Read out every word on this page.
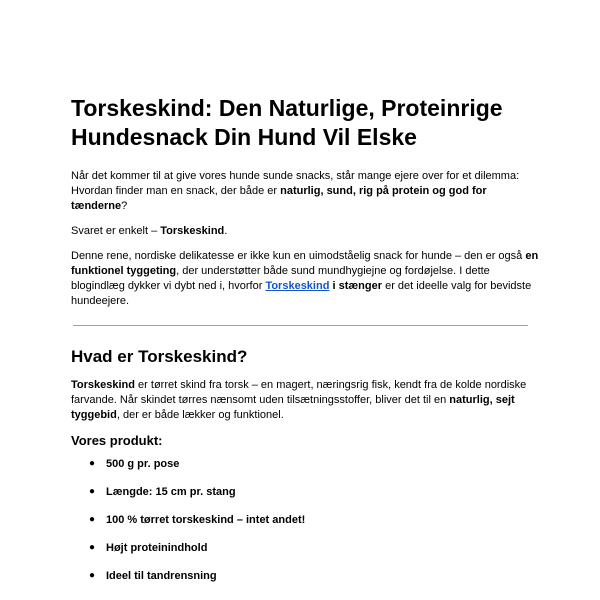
Torskeskind: Den Naturlige, Proteinrige Hundesnack Din Hund Vil Elske

Når det kommer til at give vores hunde sunde snacks, står mange ejere over for et dilemma: Hvordan finder man en snack, der både er naturlig, sund, rig på protein og god for tænderne?

Svaret er enkelt – Torskeskind.

Denne rene, nordiske delikatesse er ikke kun en uimodståelig snack for hunde – den er også en funktionel tyggeting, der understøtter både sund mundhygiejne og fordøjelse. I dette blogindlæg dykker vi dybt ned i, hvorfor Torskeskind i stænger er det ideelle valg for bevidste hundeejere.

Hvad er Torskeskind?

Torskeskind er tørret skind fra torsk – en magert, næringsrig fisk, kendt fra de kolde nordiske farvande. Når skindet tørres nænsomt uden tilsætningsstoffer, bliver det til en naturlig, sejt tyggebid, der er både lækker og funktionel.

Vores produkt:
● 500 g pr. pose
● Længde: 15 cm pr. stang
● 100 % tørret torskeskind – intet andet!
● Højt proteinindhold
● Ideel til tandrensning
